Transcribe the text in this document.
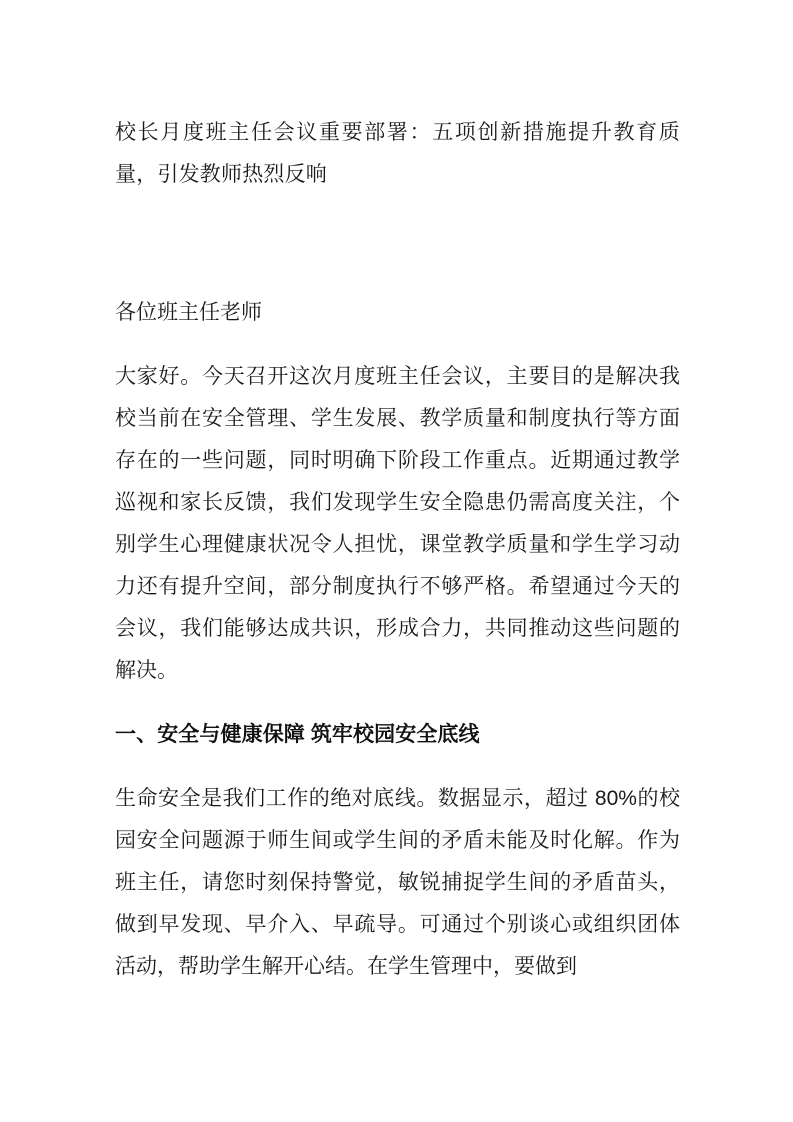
校长月度班主任会议重要部署：五项创新措施提升教育质量，引发教师热烈反响

各位班主任老师

大家好。今天召开这次月度班主任会议，主要目的是解决我校当前在安全管理、学生发展、教学质量和制度执行等方面存在的一些问题，同时明确下阶段工作重点。近期通过教学巡视和家长反馈，我们发现学生安全隐患仍需高度关注，个别学生心理健康状况令人担忧，课堂教学质量和学生学习动力还有提升空间，部分制度执行不够严格。希望通过今天的会议，我们能够达成共识，形成合力，共同推动这些问题的解决。

一、安全与健康保障 筑牢校园安全底线

生命安全是我们工作的绝对底线。数据显示，超过 80%的校园安全问题源于师生间或学生间的矛盾未能及时化解。作为班主任，请您时刻保持警觉，敏锐捕捉学生间的矛盾苗头，做到早发现、早介入、早疏导。可通过个别谈心或组织团体活动，帮助学生解开心结。在学生管理中，要做到
